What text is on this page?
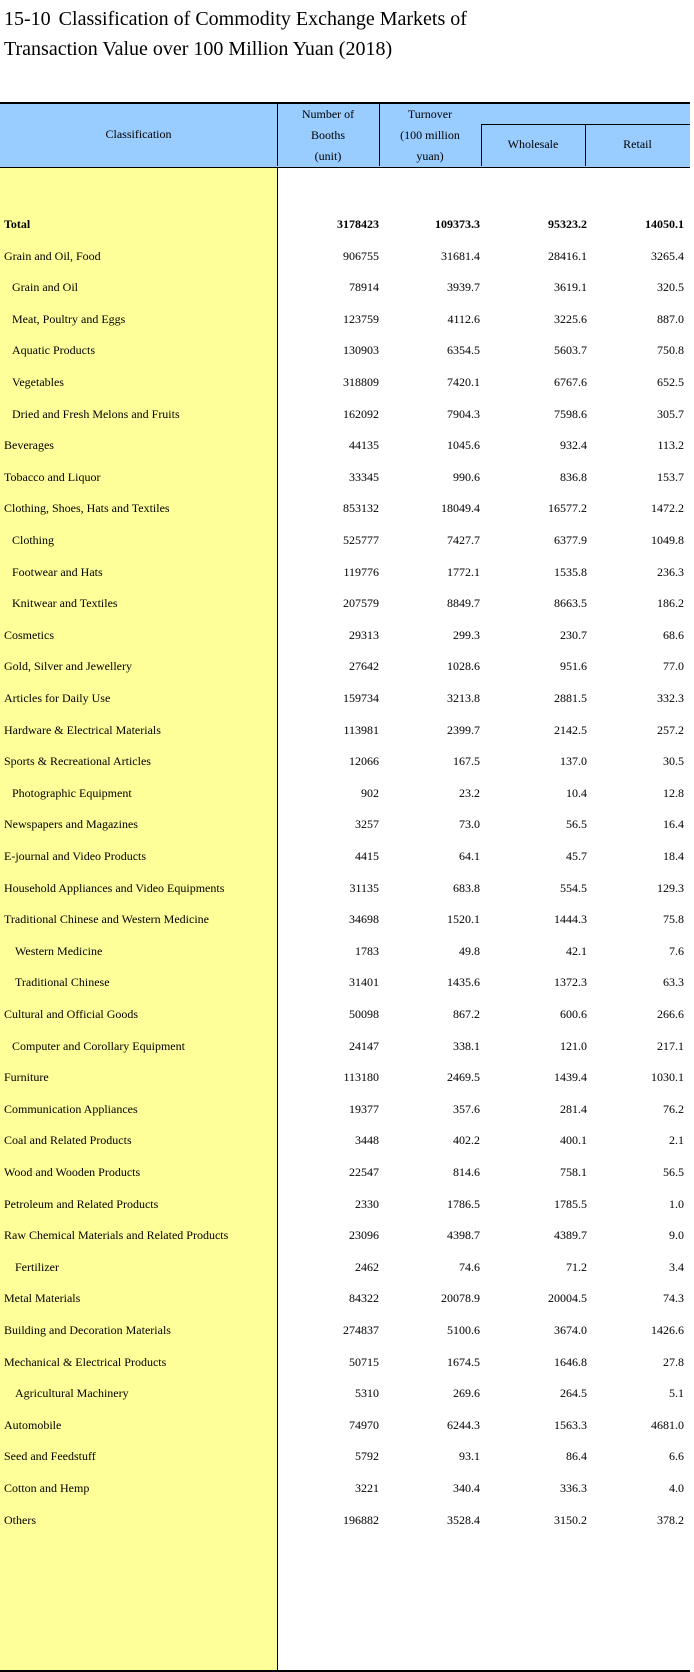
15-10 Classification of Commodity Exchange Markets of
Transaction Value over 100 Million Yuan (2018)
Classification
Number of
Booths
(unit)
Turnover
(100 million
yuan)
Wholesale	Retail
Total	3178423	109373.3	95323.2	14050.1
Grain and Oil, Food	906755	31681.4	28416.1	3265.4
Grain and Oil	78914	3939.7	3619.1	320.5
Meat, Poultry and Eggs	123759	4112.6	3225.6	887.0
Aquatic Products	130903	6354.5	5603.7	750.8
Vegetables	318809	7420.1	6767.6	652.5
Dried and Fresh Melons and Fruits	162092	7904.3	7598.6	305.7
Beverages	44135	1045.6	932.4	113.2
Tobacco and Liquor	33345	990.6	836.8	153.7
Clothing, Shoes, Hats and Textiles	853132	18049.4	16577.2	1472.2
Clothing	525777	7427.7	6377.9	1049.8
Footwear and Hats	119776	1772.1	1535.8	236.3
Knitwear and Textiles	207579	8849.7	8663.5	186.2
Cosmetics	29313	299.3	230.7	68.6
Gold, Silver and Jewellery	27642	1028.6	951.6	77.0
Articles for Daily Use	159734	3213.8	2881.5	332.3
Hardware & Electrical Materials	113981	2399.7	2142.5	257.2
Sports & Recreational Articles	12066	167.5	137.0	30.5
Photographic Equipment	902	23.2	10.4	12.8
Newspapers and Magazines	3257	73.0	56.5	16.4
E-journal and Video Products	4415	64.1	45.7	18.4
Household Appliances and Video Equipments	31135	683.8	554.5	129.3
Traditional Chinese and Western Medicine	34698	1520.1	1444.3	75.8
Western Medicine	1783	49.8	42.1	7.6
Traditional Chinese	31401	1435.6	1372.3	63.3
Cultural and Official Goods	50098	867.2	600.6	266.6
Computer and Corollary Equipment	24147	338.1	121.0	217.1
Furniture	113180	2469.5	1439.4	1030.1
Communication Appliances	19377	357.6	281.4	76.2
Coal and Related Products	3448	402.2	400.1	2.1
Wood and Wooden Products	22547	814.6	758.1	56.5
Petroleum and Related Products	2330	1786.5	1785.5	1.0
Raw Chemical Materials and Related Products	23096	4398.7	4389.7	9.0
Fertilizer	2462	74.6	71.2	3.4
Metal Materials	84322	20078.9	20004.5	74.3
Building and Decoration Materials	274837	5100.6	3674.0	1426.6
Mechanical & Electrical Products	50715	1674.5	1646.8	27.8
Agricultural Machinery	5310	269.6	264.5	5.1
Automobile	74970	6244.3	1563.3	4681.0
Seed and Feedstuff	5792	93.1	86.4	6.6
Cotton and Hemp	3221	340.4	336.3	4.0
Others	196882	3528.4	3150.2	378.2
